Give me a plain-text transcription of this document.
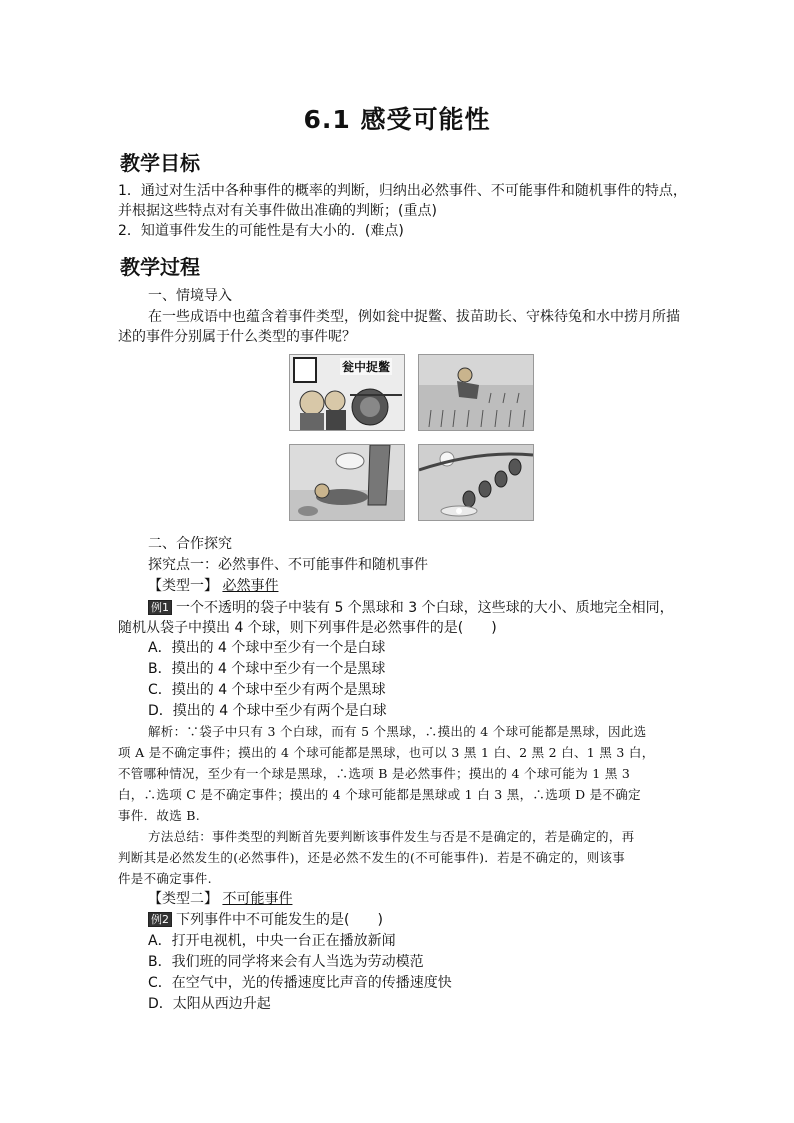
6.1 感受可能性
教学目标
1．通过对生活中各种事件的概率的判断，归纳出必然事件、不可能事件和随机事件的特点，
并根据这些特点对有关事件做出准确的判断；(重点)
2．知道事件发生的可能性是有大小的．(难点)
教学过程
一、情境导入
在一些成语中也蕴含着事件类型，例如瓮中捉鳖、拔苗助长、守株待兔和水中捞月所描
述的事件分别属于什么类型的事件呢？
瓮中捉鳖
二、合作探究
探究点一：必然事件、不可能事件和随机事件
【类型一】 必然事件
例1 一个不透明的袋子中装有 5 个黑球和 3 个白球，这些球的大小、质地完全相同，
随机从袋子中摸出 4 个球，则下列事件是必然事件的是(　　)
A．摸出的 4 个球中至少有一个是白球
B．摸出的 4 个球中至少有一个是黑球
C．摸出的 4 个球中至少有两个是黑球
D．摸出的 4 个球中至少有两个是白球
解析：∵袋子中只有 3 个白球，而有 5 个黑球，∴摸出的 4 个球可能都是黑球，因此选
项 A 是不确定事件；摸出的 4 个球可能都是黑球，也可以 3 黑 1 白、2 黑 2 白、1 黑 3 白，
不管哪种情况，至少有一个球是黑球，∴选项 B 是必然事件；摸出的 4 个球可能为 1 黑 3
白，∴选项 C 是不确定事件；摸出的 4 个球可能都是黑球或 1 白 3 黑，∴选项 D 是不确定
事件．故选 B.
方法总结：事件类型的判断首先要判断该事件发生与否是不是确定的，若是确定的，再
判断其是必然发生的(必然事件)，还是必然不发生的(不可能事件)．若是不确定的，则该事
件是不确定事件.
【类型二】 不可能事件
例2 下列事件中不可能发生的是(　　)
A．打开电视机，中央一台正在播放新闻
B．我们班的同学将来会有人当选为劳动模范
C．在空气中，光的传播速度比声音的传播速度快
D．太阳从西边升起
